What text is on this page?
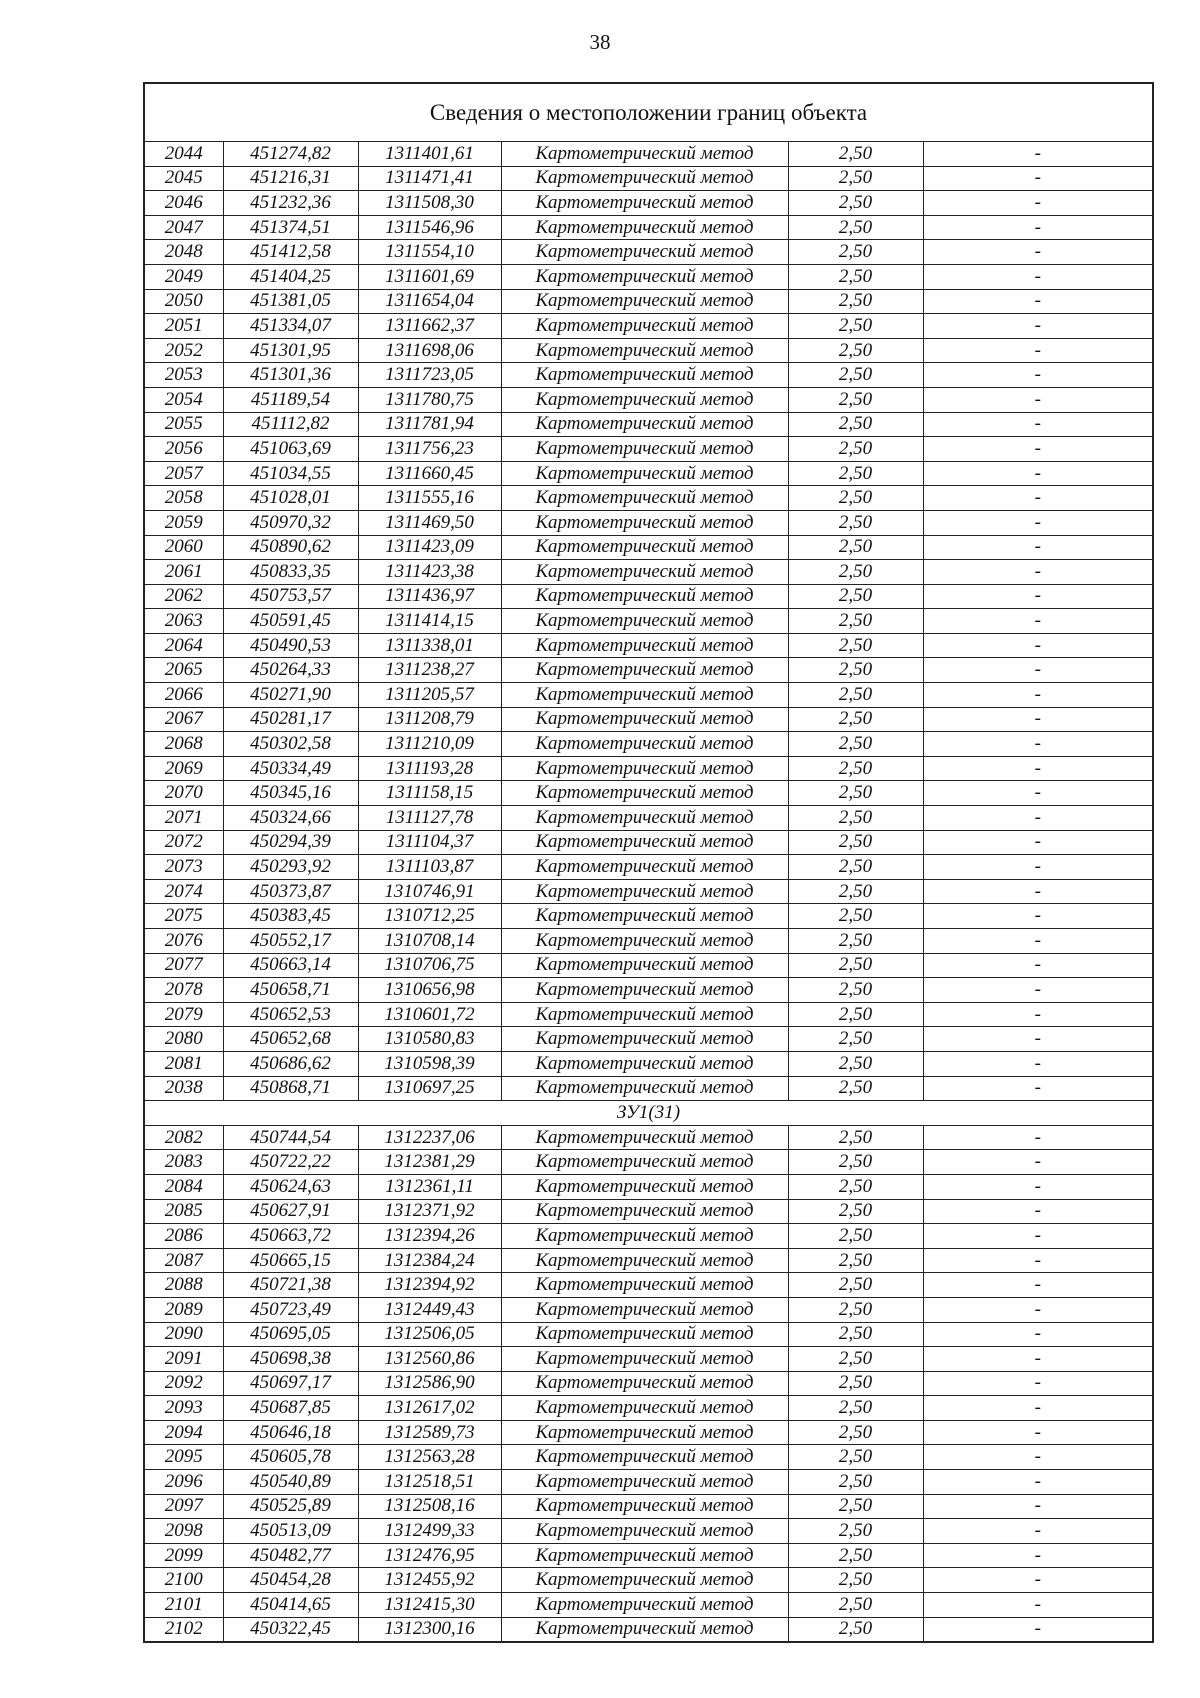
38
Сведения о местоположении границ объекта					
2044	451274,82	1311401,61	Картометрический метод	2,50	-
2045	451216,31	1311471,41	Картометрический метод	2,50	-
2046	451232,36	1311508,30	Картометрический метод	2,50	-
2047	451374,51	1311546,96	Картометрический метод	2,50	-
2048	451412,58	1311554,10	Картометрический метод	2,50	-
2049	451404,25	1311601,69	Картометрический метод	2,50	-
2050	451381,05	1311654,04	Картометрический метод	2,50	-
2051	451334,07	1311662,37	Картометрический метод	2,50	-
2052	451301,95	1311698,06	Картометрический метод	2,50	-
2053	451301,36	1311723,05	Картометрический метод	2,50	-
2054	451189,54	1311780,75	Картометрический метод	2,50	-
2055	451112,82	1311781,94	Картометрический метод	2,50	-
2056	451063,69	1311756,23	Картометрический метод	2,50	-
2057	451034,55	1311660,45	Картометрический метод	2,50	-
2058	451028,01	1311555,16	Картометрический метод	2,50	-
2059	450970,32	1311469,50	Картометрический метод	2,50	-
2060	450890,62	1311423,09	Картометрический метод	2,50	-
2061	450833,35	1311423,38	Картометрический метод	2,50	-
2062	450753,57	1311436,97	Картометрический метод	2,50	-
2063	450591,45	1311414,15	Картометрический метод	2,50	-
2064	450490,53	1311338,01	Картометрический метод	2,50	-
2065	450264,33	1311238,27	Картометрический метод	2,50	-
2066	450271,90	1311205,57	Картометрический метод	2,50	-
2067	450281,17	1311208,79	Картометрический метод	2,50	-
2068	450302,58	1311210,09	Картометрический метод	2,50	-
2069	450334,49	1311193,28	Картометрический метод	2,50	-
2070	450345,16	1311158,15	Картометрический метод	2,50	-
2071	450324,66	1311127,78	Картометрический метод	2,50	-
2072	450294,39	1311104,37	Картометрический метод	2,50	-
2073	450293,92	1311103,87	Картометрический метод	2,50	-
2074	450373,87	1310746,91	Картометрический метод	2,50	-
2075	450383,45	1310712,25	Картометрический метод	2,50	-
2076	450552,17	1310708,14	Картометрический метод	2,50	-
2077	450663,14	1310706,75	Картометрический метод	2,50	-
2078	450658,71	1310656,98	Картометрический метод	2,50	-
2079	450652,53	1310601,72	Картометрический метод	2,50	-
2080	450652,68	1310580,83	Картометрический метод	2,50	-
2081	450686,62	1310598,39	Картометрический метод	2,50	-
2038	450868,71	1310697,25	Картометрический метод	2,50	-
ЗУ1(31)					
2082	450744,54	1312237,06	Картометрический метод	2,50	-
2083	450722,22	1312381,29	Картометрический метод	2,50	-
2084	450624,63	1312361,11	Картометрический метод	2,50	-
2085	450627,91	1312371,92	Картометрический метод	2,50	-
2086	450663,72	1312394,26	Картометрический метод	2,50	-
2087	450665,15	1312384,24	Картометрический метод	2,50	-
2088	450721,38	1312394,92	Картометрический метод	2,50	-
2089	450723,49	1312449,43	Картометрический метод	2,50	-
2090	450695,05	1312506,05	Картометрический метод	2,50	-
2091	450698,38	1312560,86	Картометрический метод	2,50	-
2092	450697,17	1312586,90	Картометрический метод	2,50	-
2093	450687,85	1312617,02	Картометрический метод	2,50	-
2094	450646,18	1312589,73	Картометрический метод	2,50	-
2095	450605,78	1312563,28	Картометрический метод	2,50	-
2096	450540,89	1312518,51	Картометрический метод	2,50	-
2097	450525,89	1312508,16	Картометрический метод	2,50	-
2098	450513,09	1312499,33	Картометрический метод	2,50	-
2099	450482,77	1312476,95	Картометрический метод	2,50	-
2100	450454,28	1312455,92	Картометрический метод	2,50	-
2101	450414,65	1312415,30	Картометрический метод	2,50	-
2102	450322,45	1312300,16	Картометрический метод	2,50	-
